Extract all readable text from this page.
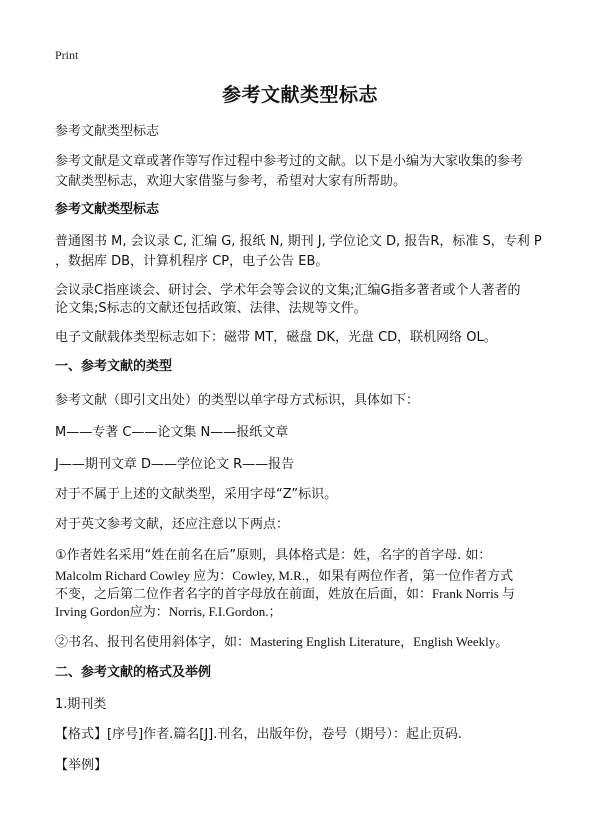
Print
参考文献类型标志
参考文献类型标志
参考文献是文章或著作等写作过程中参考过的文献。以下是小编为大家收集的参考
文献类型标志，欢迎大家借鉴与参考，希望对大家有所帮助。
参考文献类型标志
普通图书 M, 会议录 C, 汇编 G, 报纸 N, 期刊 J, 学位论文 D, 报告R，标准 S，专利 P
，数据库 DB，计算机程序 CP，电子公告 EB。
会议录C指座谈会、研讨会、学术年会等会议的文集;汇编G指多著者或个人著者的
论文集;S标志的文献还包括政策、法律、法规等文件。
电子文献载体类型标志如下：磁带 MT，磁盘 DK，光盘 CD，联机网络 OL。
一、参考文献的类型
参考文献（即引文出处）的类型以单字母方式标识，具体如下：
M——专著 C——论文集 N——报纸文章
J——期刊文章 D——学位论文 R——报告
对于不属于上述的文献类型，采用字母“Z”标识。
对于英文参考文献，还应注意以下两点：
①作者姓名采用“姓在前名在后”原则，具体格式是：姓，名字的首字母. 如：
Malcolm Richard Cowley 应为：Cowley, M.R.，如果有两位作者，第一位作者方式
不变，之后第二位作者名字的首字母放在前面，姓放在后面，如：Frank Norris 与
Irving Gordon应为：Norris, F.I.Gordon.；
②书名、报刊名使用斜体字，如：Mastering English Literature，English Weekly。
二、参考文献的格式及举例
1.期刊类
【格式】[序号]作者.篇名[J].刊名，出版年份，卷号（期号）：起止页码.
【举例】
